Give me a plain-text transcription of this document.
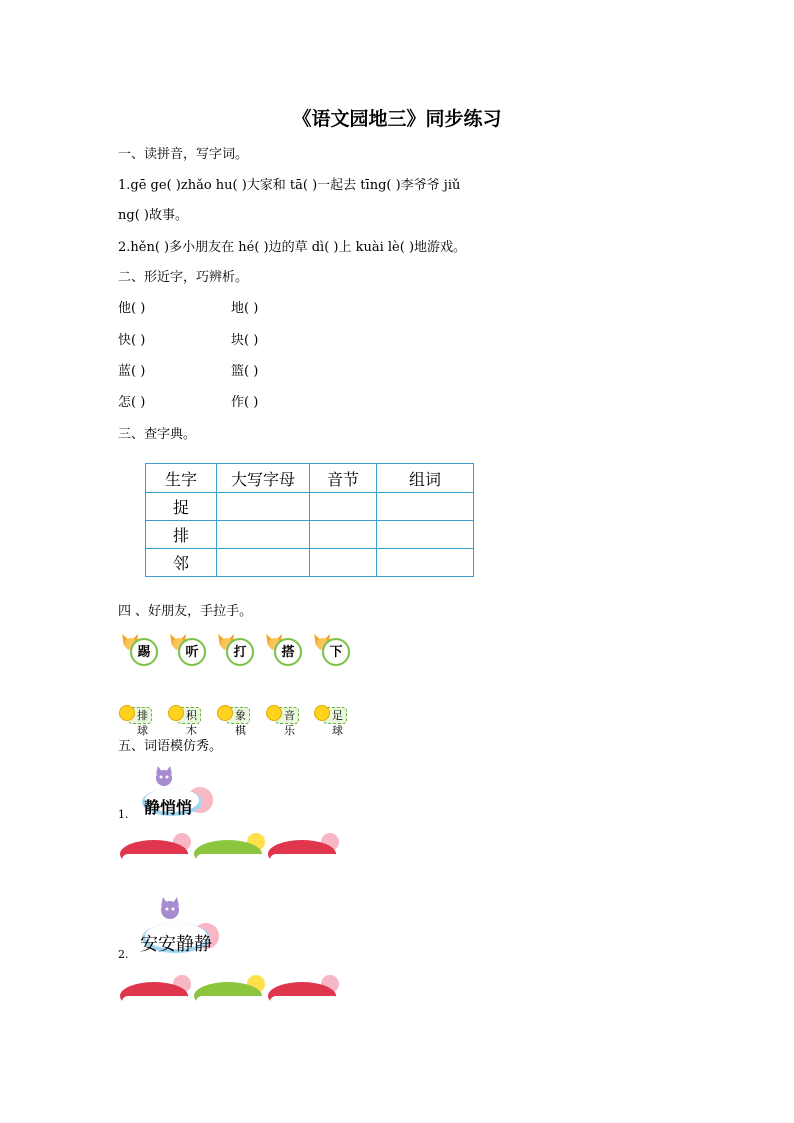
《语文园地三》同步练习
一、读拼音，写字词。
1.gē ge( )zhǎo hu( )大家和 tā( )一起去 tīng( )李爷爷 jiǔ
ng( )故事。
2.hěn( )多小朋友在 hé( )边的草 dì( )上 kuài lè( )地游戏。
二、形近字，巧辨析。
他( )	地( )
快( )	块( )
蓝( )	篮( )
怎( )	作( )
三、查字典。
生字	大写字母	音节	组词
捉			
排			
邻			
四 、好朋友，手拉手。
踢	听	打	搭	下
排球
积木
象棋
音乐
足球
五、词语模仿秀。
1. 静悄悄
2. 安安静静
